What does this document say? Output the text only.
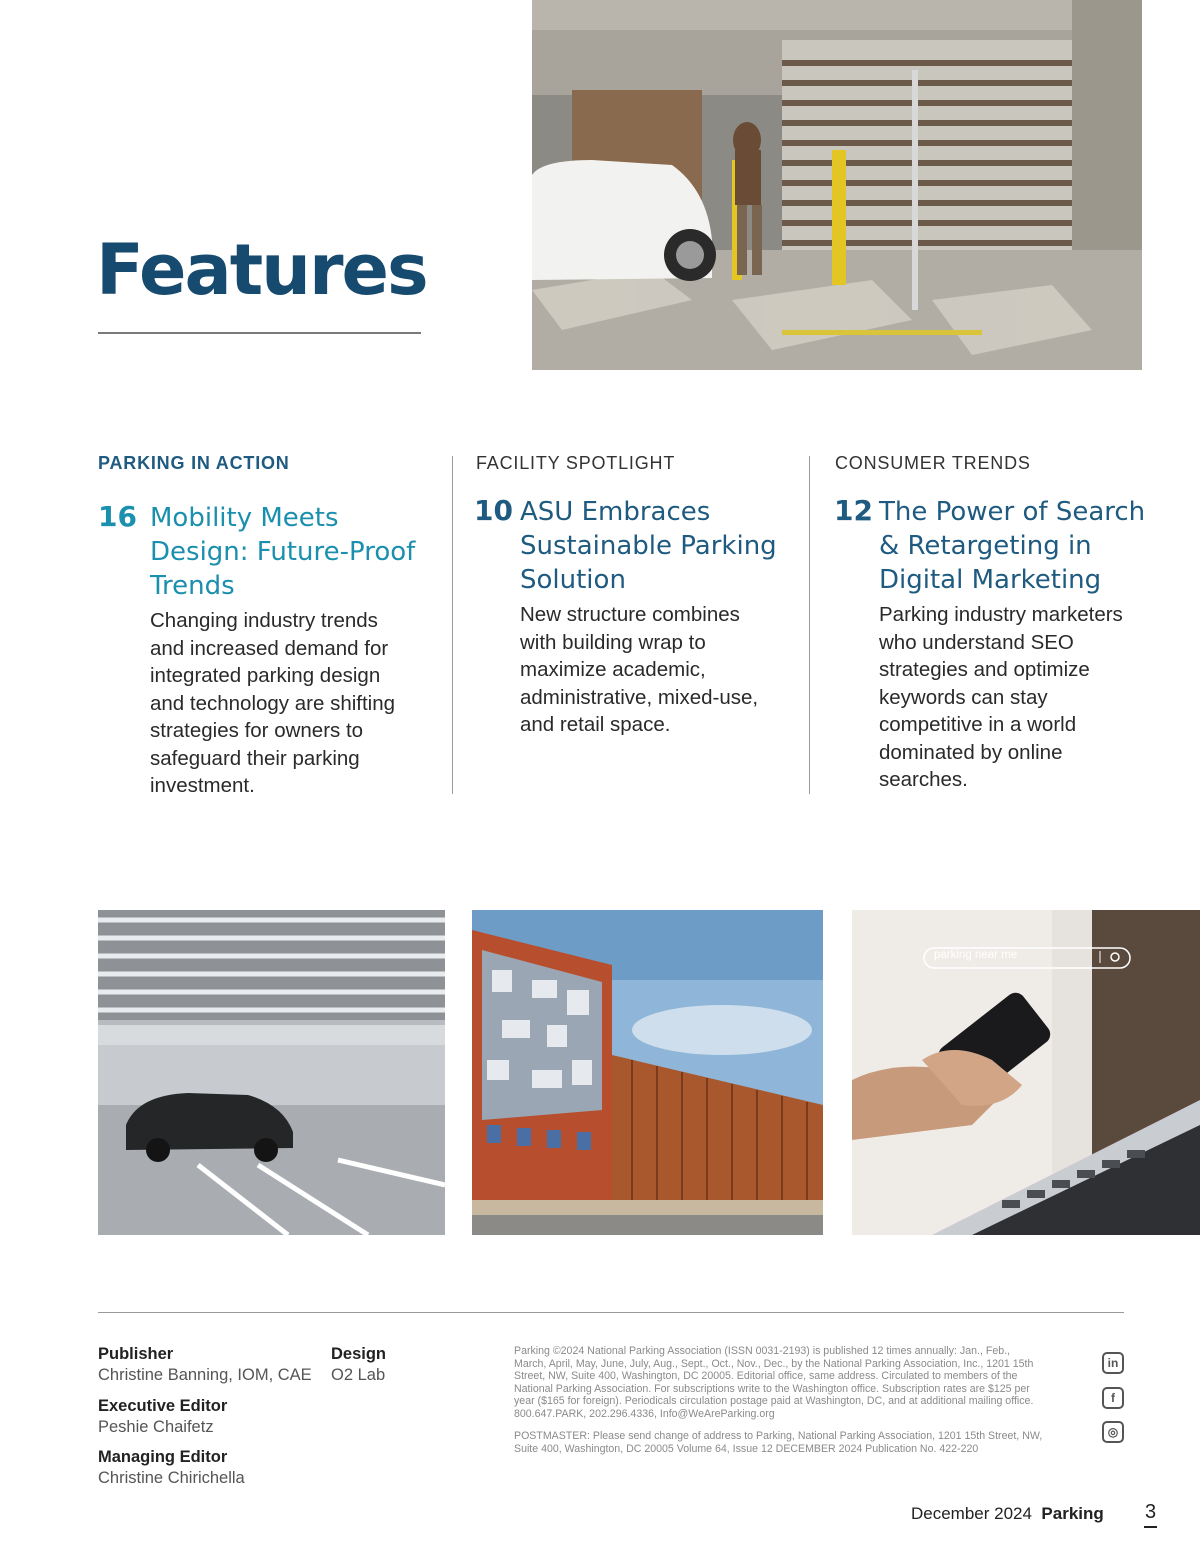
Features
PARKING IN ACTION
16 Mobility Meets
Design: Future-Proof
Trends
Changing industry trends
and increased demand for
integrated parking design
and technology are shifting
strategies for owners to
safeguard their parking
investment.
FACILITY SPOTLIGHT
10 ASU Embraces
Sustainable Parking
Solution
New structure combines
with building wrap to
maximize academic,
administrative, mixed-use,
and retail space.
CONSUMER TRENDS
12 The Power of Search
& Retargeting in
Digital Marketing
Parking industry marketers
who understand SEO
strategies and optimize
keywords can stay
competitive in a world
dominated by online
searches.
parking near me
Publisher
Christine Banning, IOM, CAE
Design
O2 Lab
Executive Editor
Peshie Chaifetz
Managing Editor
Christine Chirichella
Parking ©2024 National Parking Association (ISSN 0031-2193) is published 12 times annually: Jan., Feb.,
March, April, May, June, July, Aug., Sept., Oct., Nov., Dec., by the National Parking Association, Inc., 1201 15th
Street, NW, Suite 400, Washington, DC 20005. Editorial office, same address. Circulated to members of the
National Parking Association. For subscriptions write to the Washington office. Subscription rates are $125 per
year ($165 for foreign). Periodicals circulation postage paid at Washington, DC, and at additional mailing office.
800.647.PARK, 202.296.4336, Info@WeAreParking.org
POSTMASTER: Please send change of address to Parking, National Parking Association, 1201 15th Street, NW,
Suite 400, Washington, DC 20005 Volume 64, Issue 12 DECEMBER 2024 Publication No. 422-220
in
f
◎
December 2024 Parking 3
